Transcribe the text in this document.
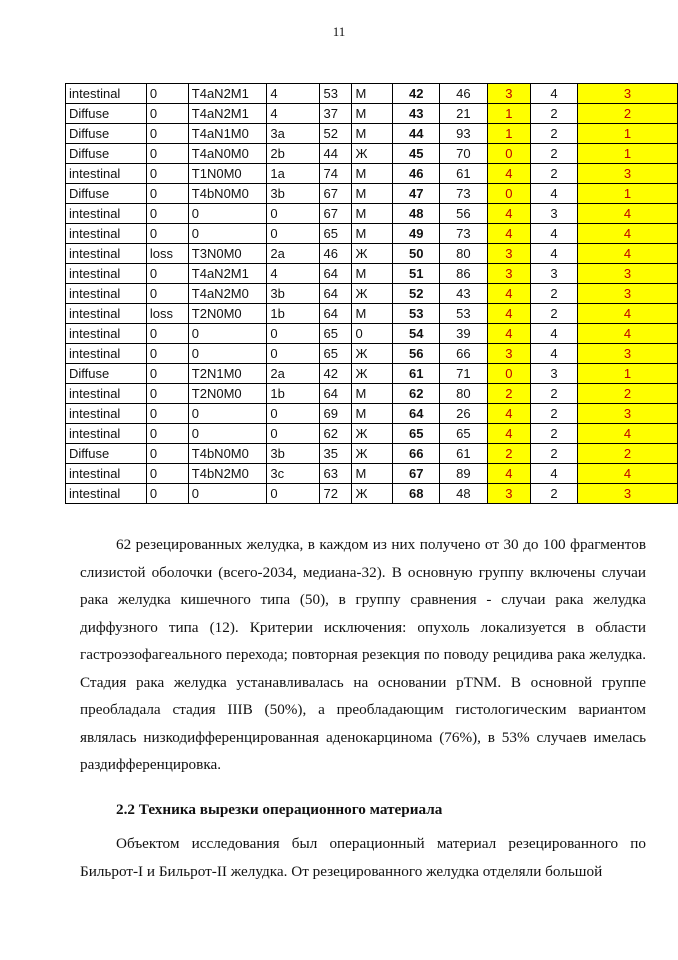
11
intestinal	0	T4aN2M1	4	53	М	42	46	3	4	3
Diffuse	0	T4aN2M1	4	37	М	43	21	1	2	2
Diffuse	0	T4aN1M0	3a	52	М	44	93	1	2	1
Diffuse	0	T4aN0M0	2b	44	Ж	45	70	0	2	1
intestinal	0	T1N0M0	1a	74	М	46	61	4	2	3
Diffuse	0	T4bN0M0	3b	67	М	47	73	0	4	1
intestinal	0	0	0	67	М	48	56	4	3	4
intestinal	0	0	0	65	М	49	73	4	4	4
intestinal	loss	T3N0M0	2a	46	Ж	50	80	3	4	4
intestinal	0	T4aN2M1	4	64	М	51	86	3	3	3
intestinal	0	T4aN2M0	3b	64	Ж	52	43	4	2	3
intestinal	loss	T2N0M0	1b	64	М	53	53	4	2	4
intestinal	0	0	0	65	0	54	39	4	4	4
intestinal	0	0	0	65	Ж	56	66	3	4	3
Diffuse	0	T2N1M0	2a	42	Ж	61	71	0	3	1
intestinal	0	T2N0M0	1b	64	М	62	80	2	2	2
intestinal	0	0	0	69	М	64	26	4	2	3
intestinal	0	0	0	62	Ж	65	65	4	2	4
Diffuse	0	T4bN0M0	3b	35	Ж	66	61	2	2	2
intestinal	0	T4bN2M0	3c	63	М	67	89	4	4	4
intestinal	0	0	0	72	Ж	68	48	3	2	3

62 резецированных желудка, в каждом из них получено от 30 до 100 фрагментов слизистой оболочки (всего-2034, медиана-32). В основную группу включены случаи рака желудка кишечного типа (50), в группу сравнения - случаи рака желудка диффузного типа (12). Критерии исключения: опухоль локализуется в области гастроэзофагеального перехода; повторная резекция по поводу рецидива рака желудка. Стадия рака желудка устанавливалась на основании pTNM. В основной группе преобладала стадия IIIB (50%), а преобладающим гистологическим вариантом являлась низкодифференцированная аденокарцинома (76%), в 53% случаев имелась раздифференцировка.

2.2 Техника вырезки операционного материала

Объектом исследования был операционный материал резецированного по Бильрот-I и Бильрот-II желудка. От резецированного желудка отделяли большой
